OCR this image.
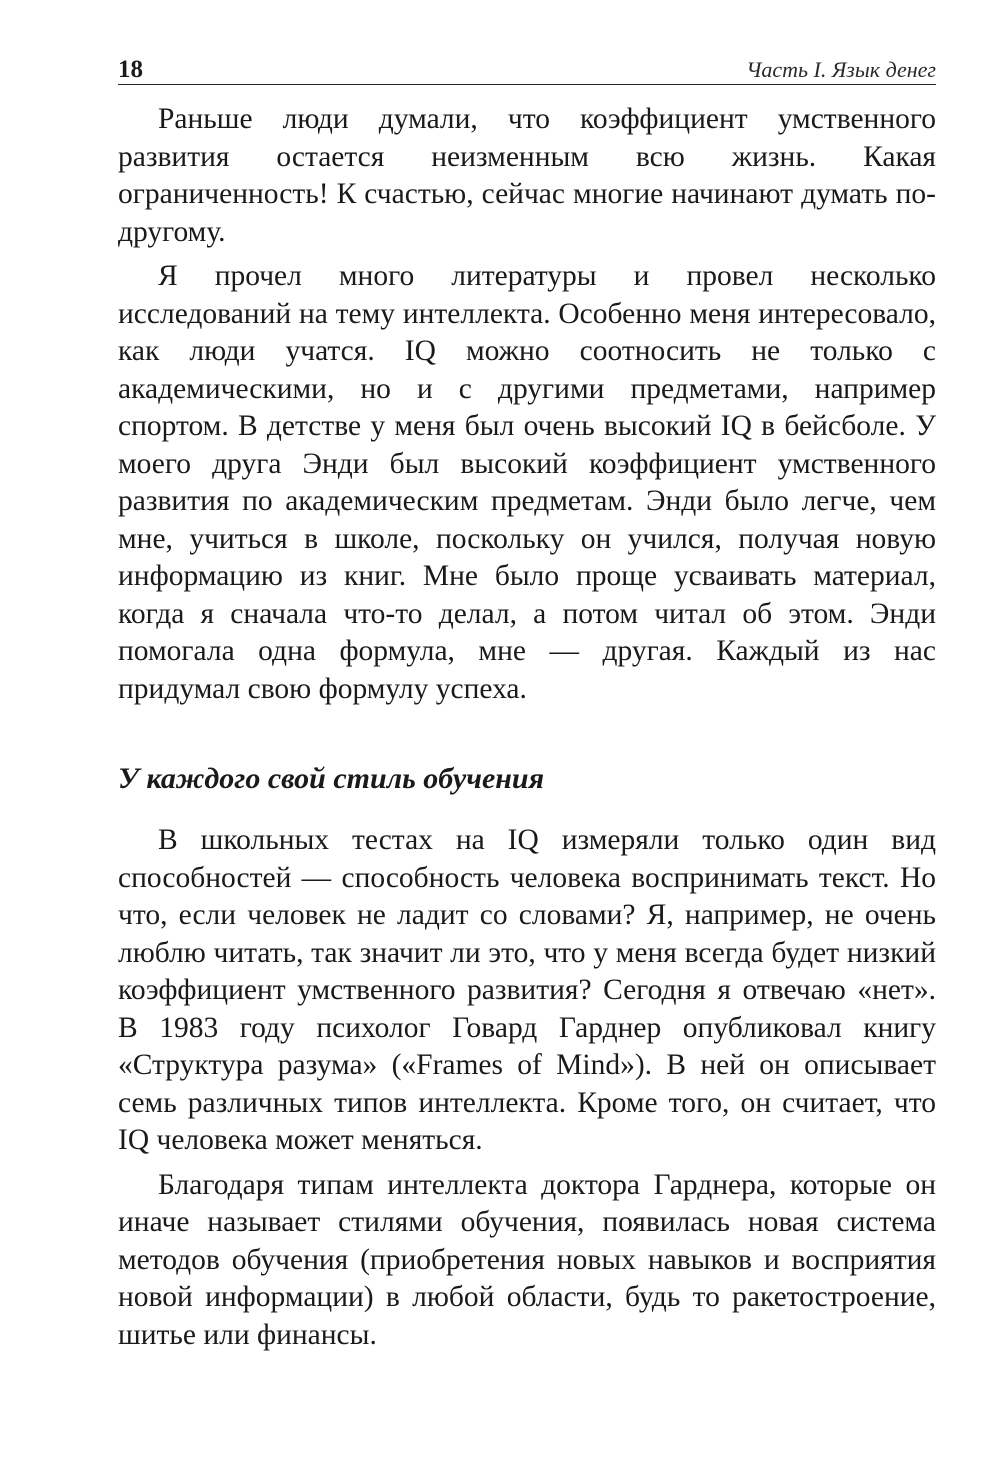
18	Часть I. Язык денег

Раньше люди думали, что коэффициент умственного развития остается неизменным всю жизнь. Какая ограниченность! К счастью, сейчас многие начинают думать по-другому.

Я прочел много литературы и провел несколько исследований на тему интеллекта. Особенно меня интересовало, как люди учатся. IQ можно соотносить не только с академическими, но и с другими предметами, например спортом. В детстве у меня был очень высокий IQ в бейсболе. У моего друга Энди был высокий коэффициент умственного развития по академическим предметам. Энди было легче, чем мне, учиться в школе, поскольку он учился, получая новую информацию из книг. Мне было проще усваивать материал, когда я сначала что-то делал, а потом читал об этом. Энди помогала одна формула, мне — другая. Каждый из нас придумал свою формулу успеха.

У каждого свой стиль обучения

В школьных тестах на IQ измеряли только один вид способностей — способность человека воспринимать текст. Но что, если человек не ладит со словами? Я, например, не очень люблю читать, так значит ли это, что у меня всегда будет низкий коэффициент умственного развития? Сегодня я отвечаю «нет». В 1983 году психолог Говард Гарднер опубликовал книгу «Структура разума» («Frames of Mind»). В ней он описывает семь различных типов интеллекта. Кроме того, он считает, что IQ человека может меняться.

Благодаря типам интеллекта доктора Гарднера, которые он иначе называет стилями обучения, появилась новая система методов обучения (приобретения новых навыков и восприятия новой информации) в любой области, будь то ракетостроение, шитье или финансы.
